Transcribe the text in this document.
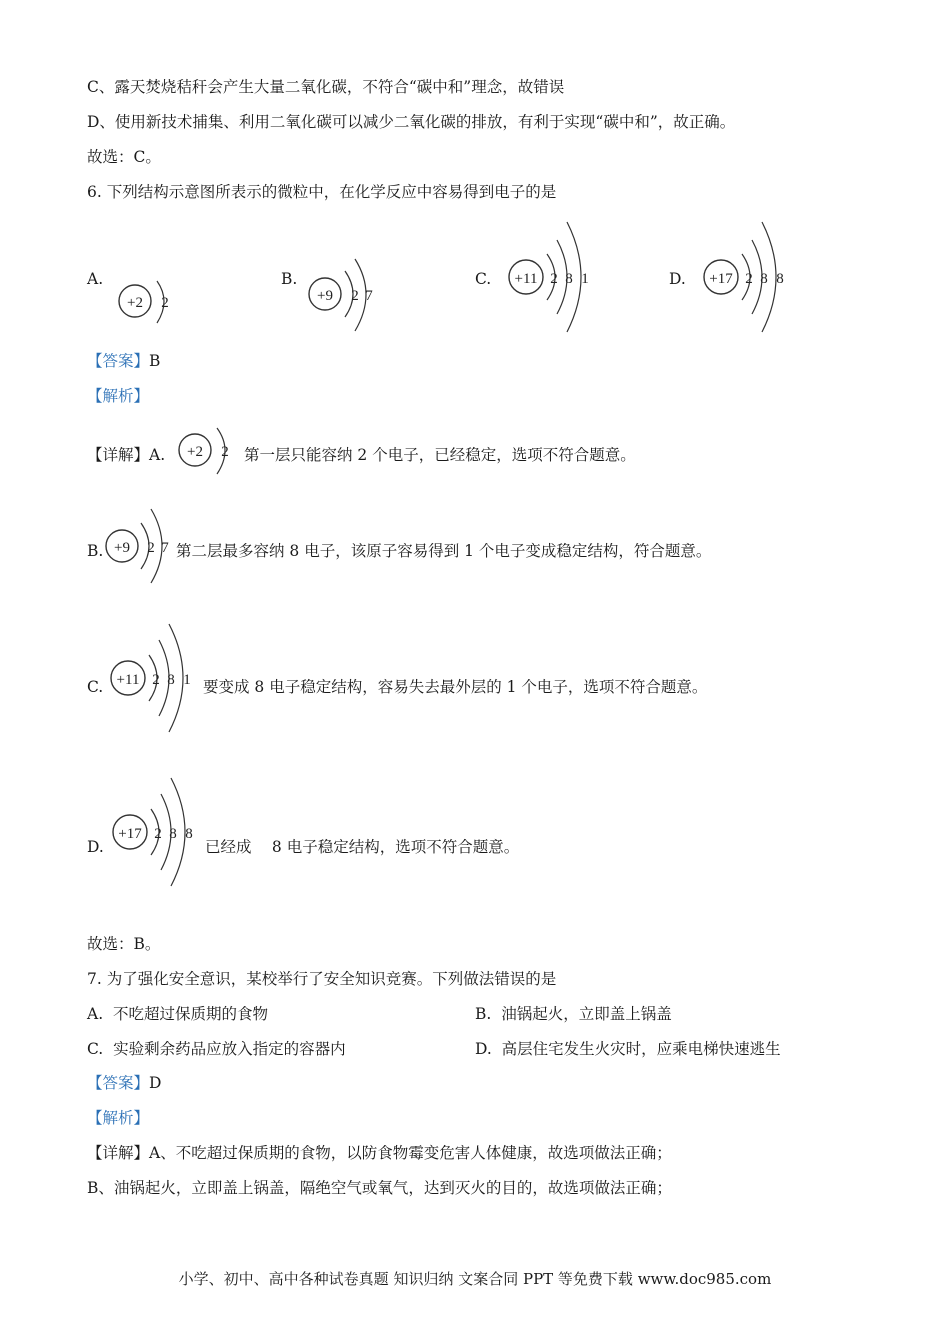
C、露天焚烧秸秆会产生大量二氧化碳，不符合“碳中和”理念，故错误
D、使用新技术捕集、利用二氧化碳可以减少二氧化碳的排放，有利于实现“碳中和”，故正确。
故选：C。
6. 下列结构示意图所表示的微粒中，在化学反应中容易得到电子的是
A.
+2 2
B.
+9 2 7
C. +11 2 8 1	D. +17 2 8 8
【答案】B
【解析】
【详解】A. +2 2 第一层只能容纳 2 个电子，已经稳定，选项不符合题意。
B. +9 2 7 第二层最多容纳 8 电子，该原子容易得到 1 个电子变成稳定结构，符合题意。
C. +11 2 8 1 要变成 8 电子稳定结构，容易失去最外层的 1 个电子，选项不符合题意。
D.
+17 2 8 8
已经成　 8 电子稳定结构，选项不符合题意。
故选：B。
7. 为了强化安全意识，某校举行了安全知识竞赛。下列做法错误的是
A. 不吃超过保质期的食物	B. 油锅起火，立即盖上锅盖
C. 实验剩余药品应放入指定的容器内	D. 高层住宅发生火灾时，应乘电梯快速逃生
【答案】D
【解析】
【详解】A、不吃超过保质期的食物，以防食物霉变危害人体健康，故选项做法正确；
B、油锅起火，立即盖上锅盖，隔绝空气或氧气，达到灭火的目的，故选项做法正确；
小学、初中、高中各种试卷真题 知识归纳 文案合同 PPT 等免费下载 www.doc985.com
